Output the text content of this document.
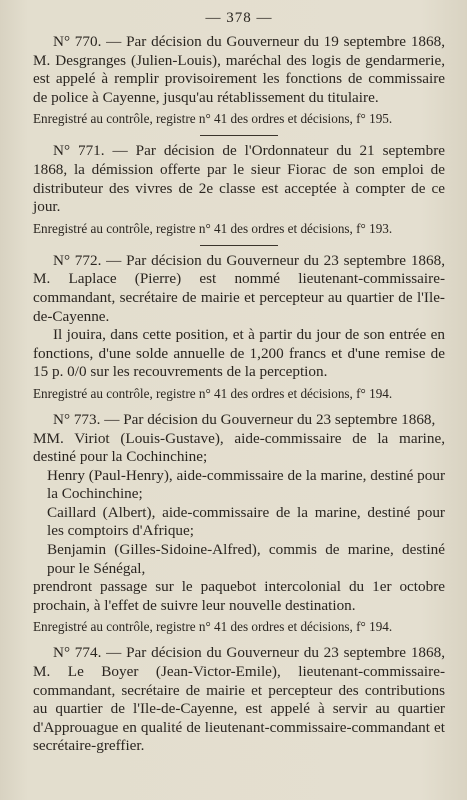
— 378 —

N° 770. — Par décision du Gouverneur du 19 septembre 1868, M. Desgranges (Julien-Louis), maréchal des logis de gendarmerie, est appelé à remplir provisoirement les fonctions de commissaire de police à Cayenne, jusqu'au rétablissement du titulaire.

Enregistré au contrôle, registre n° 41 des ordres et décisions, f° 195.

N° 771. — Par décision de l'Ordonnateur du 21 septembre 1868, la démission offerte par le sieur Fiorac de son emploi de distributeur des vivres de 2e classe est acceptée à compter de ce jour.

Enregistré au contrôle, registre n° 41 des ordres et décisions, f° 193.

N° 772. — Par décision du Gouverneur du 23 septembre 1868, M. Laplace (Pierre) est nommé lieutenant-commissaire-commandant, secrétaire de mairie et percepteur au quartier de l'Ile-de-Cayenne.

Il jouira, dans cette position, et à partir du jour de son entrée en fonctions, d'une solde annuelle de 1,200 francs et d'une remise de 15 p. 0/0 sur les recouvrements de la perception.

Enregistré au contrôle, registre n° 41 des ordres et décisions, f° 194.

N° 773. — Par décision du Gouverneur du 23 septembre 1868,

MM. Viriot (Louis-Gustave), aide-commissaire de la marine, destiné pour la Cochinchine;

Henry (Paul-Henry), aide-commissaire de la marine, destiné pour la Cochinchine;

Caillard (Albert), aide-commissaire de la marine, destiné pour les comptoirs d'Afrique;

Benjamin (Gilles-Sidoine-Alfred), commis de marine, destiné pour le Sénégal,

prendront passage sur le paquebot intercolonial du 1er octobre prochain, à l'effet de suivre leur nouvelle destination.

Enregistré au contrôle, registre n° 41 des ordres et décisions, f° 194.

N° 774. — Par décision du Gouverneur du 23 septembre 1868, M. Le Boyer (Jean-Victor-Emile), lieutenant-commissaire-commandant, secrétaire de mairie et percepteur des contributions au quartier de l'Ile-de-Cayenne, est appelé à servir au quartier d'Approuague en qualité de lieutenant-commissaire-commandant et secrétaire-greffier.
